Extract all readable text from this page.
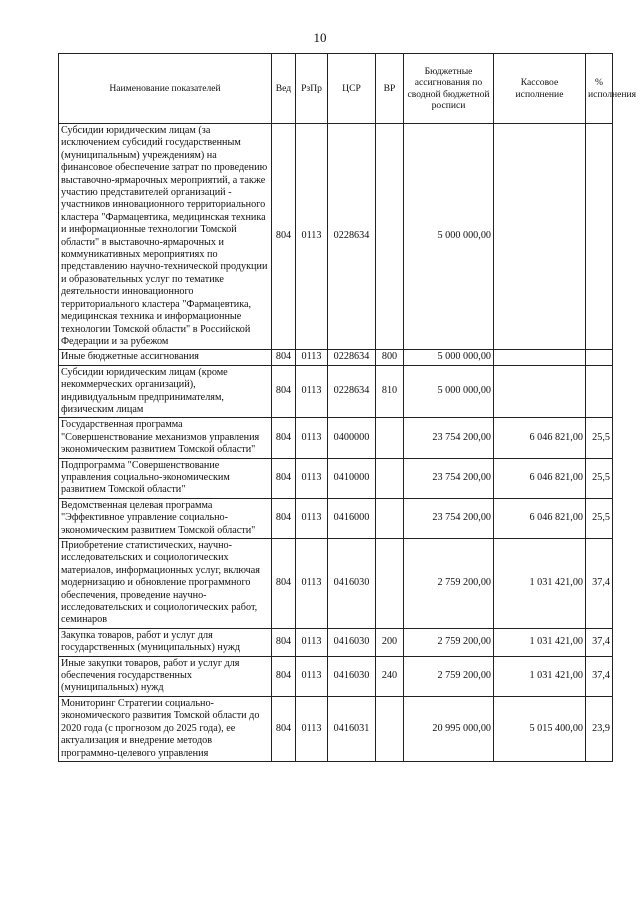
10
Наименование показателей	Вед	РзПр	ЦСР	ВР	Бюджетные ассигнования по сводной бюджетной росписи	Кассовое исполнение	% исполнения
Субсидии юридическим лицам (за исключением субсидий государственным (муниципальным) учреждениям) на финансовое обеспечение затрат по проведению выставочно-ярмарочных мероприятий, а также участию представителей организаций - участников инновационного территориального кластера "Фармацевтика, медицинская техника и информационные технологии Томской области" в выставочно-ярмарочных и коммуникативных мероприятиях по представлению научно-технической продукции и образовательных услуг по тематике деятельности инновационного территориального кластера "Фармацевтика, медицинская техника и информационные технологии Томской области" в Российской Федерации и за рубежом	804	0113	0228634		5 000 000,00		
Иные бюджетные ассигнования	804	0113	0228634	800	5 000 000,00		
Субсидии юридическим лицам (кроме некоммерческих организаций), индивидуальным предпринимателям, физическим лицам	804	0113	0228634	810	5 000 000,00		
Государственная программа "Совершенствование механизмов управления экономическим развитием Томской области"	804	0113	0400000		23 754 200,00	6 046 821,00	25,5
Подпрограмма "Совершенствование управления социально-экономическим развитием Томской области"	804	0113	0410000		23 754 200,00	6 046 821,00	25,5
Ведомственная целевая программа "Эффективное управление социально-экономическим развитием Томской области"	804	0113	0416000		23 754 200,00	6 046 821,00	25,5
Приобретение статистических, научно-исследовательских и социологических материалов, информационных услуг, включая модернизацию и обновление программного обеспечения, проведение научно-исследовательских и социологических работ, семинаров	804	0113	0416030		2 759 200,00	1 031 421,00	37,4
Закупка товаров, работ и услуг для государственных (муниципальных) нужд	804	0113	0416030	200	2 759 200,00	1 031 421,00	37,4
Иные закупки товаров, работ и услуг для обеспечения государственных (муниципальных) нужд	804	0113	0416030	240	2 759 200,00	1 031 421,00	37,4
Мониторинг Стратегии социально-экономического развития Томской области до 2020 года (с прогнозом до 2025 года), ее актуализация и внедрение методов программно-целевого управления	804	0113	0416031		20 995 000,00	5 015 400,00	23,9
